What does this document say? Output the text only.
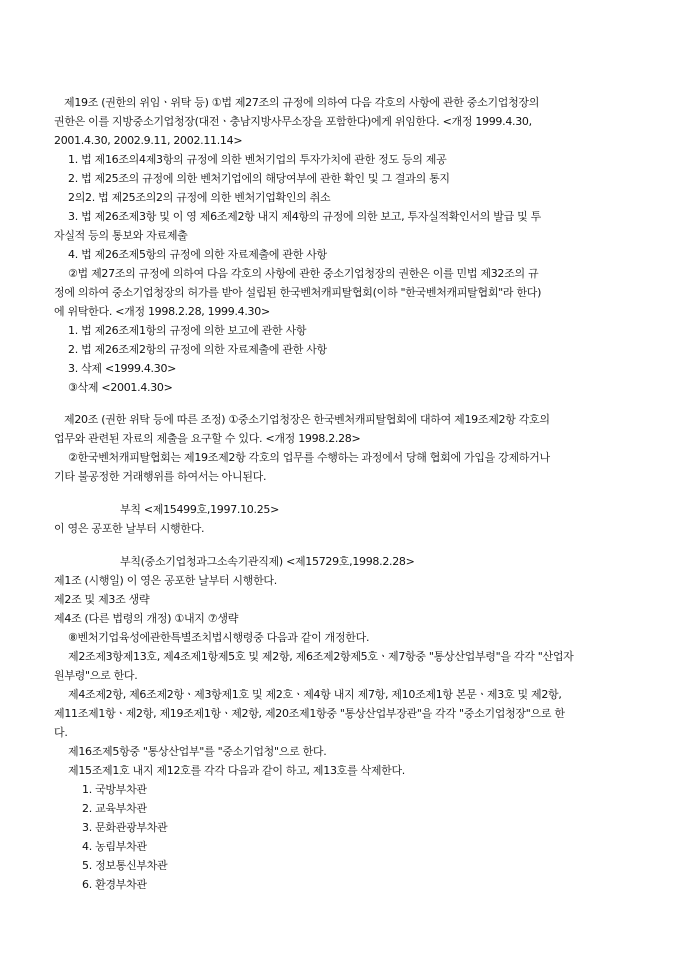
제19조 (권한의 위임ㆍ위탁 등) ①법 제27조의 규정에 의하여 다음 각호의 사항에 관한 중소기업청장의
권한은 이를 지방중소기업청장(대전ㆍ충남지방사무소장을 포함한다)에게 위임한다. <개정 1999.4.30,
2001.4.30, 2002.9.11, 2002.11.14>
1. 법 제16조의4제3항의 규정에 의한 벤처기업의 투자가치에 관한 정도 등의 제공
2. 법 제25조의 규정에 의한 벤처기업에의 해당여부에 관한 확인 및 그 결과의 통지
2의2. 법 제25조의2의 규정에 의한 벤처기업확인의 취소
3. 법 제26조제3항 및 이 영 제6조제2항 내지 제4항의 규정에 의한 보고, 투자실적확인서의 발급 및 투
자실적 등의 통보와 자료제출
4. 법 제26조제5항의 규정에 의한 자료제출에 관한 사항
②법 제27조의 규정에 의하여 다음 각호의 사항에 관한 중소기업청장의 권한은 이를 민법 제32조의 규
정에 의하여 중소기업청장의 허가를 받아 설립된 한국벤처캐피탈협회(이하 "한국벤처캐피탈협회"라 한다)
에 위탁한다. <개정 1998.2.28, 1999.4.30>
1. 법 제26조제1항의 규정에 의한 보고에 관한 사항
2. 법 제26조제2항의 규정에 의한 자료제출에 관한 사항
3. 삭제 <1999.4.30>
③삭제 <2001.4.30>
제20조 (권한 위탁 등에 따른 조정) ①중소기업청장은 한국벤처캐피탈협회에 대하여 제19조제2항 각호의
업무와 관련된 자료의 제출을 요구할 수 있다. <개정 1998.2.28>
②한국벤처캐피탈협회는 제19조제2항 각호의 업무를 수행하는 과정에서 당해 협회에 가입을 강제하거나
기타 불공정한 거래행위를 하여서는 아니된다.
부칙 <제15499호,1997.10.25>
이 영은 공포한 날부터 시행한다.
부칙(중소기업청과그소속기관직제) <제15729호,1998.2.28>
제1조 (시행일) 이 영은 공포한 날부터 시행한다.
제2조 및 제3조 생략
제4조 (다른 법령의 개정) ①내지 ⑦생략
⑧벤처기업육성에관한특별조치법시행령중 다음과 같이 개정한다.
제2조제3항제13호, 제4조제1항제5호 및 제2항, 제6조제2항제5호ㆍ제7항중 "통상산업부령"을 각각 "산업자
원부령"으로 한다.
제4조제2항, 제6조제2항ㆍ제3항제1호 및 제2호ㆍ제4항 내지 제7항, 제10조제1항 본문ㆍ제3호 및 제2항,
제11조제1항ㆍ제2항, 제19조제1항ㆍ제2항, 제20조제1항중 "통상산업부장관"을 각각 "중소기업청장"으로 한
다.
제16조제5항중 "통상산업부"를 "중소기업청"으로 한다.
제15조제1호 내지 제12호를 각각 다음과 같이 하고, 제13호를 삭제한다.
1. 국방부차관
2. 교육부차관
3. 문화관광부차관
4. 농림부차관
5. 정보통신부차관
6. 환경부차관
